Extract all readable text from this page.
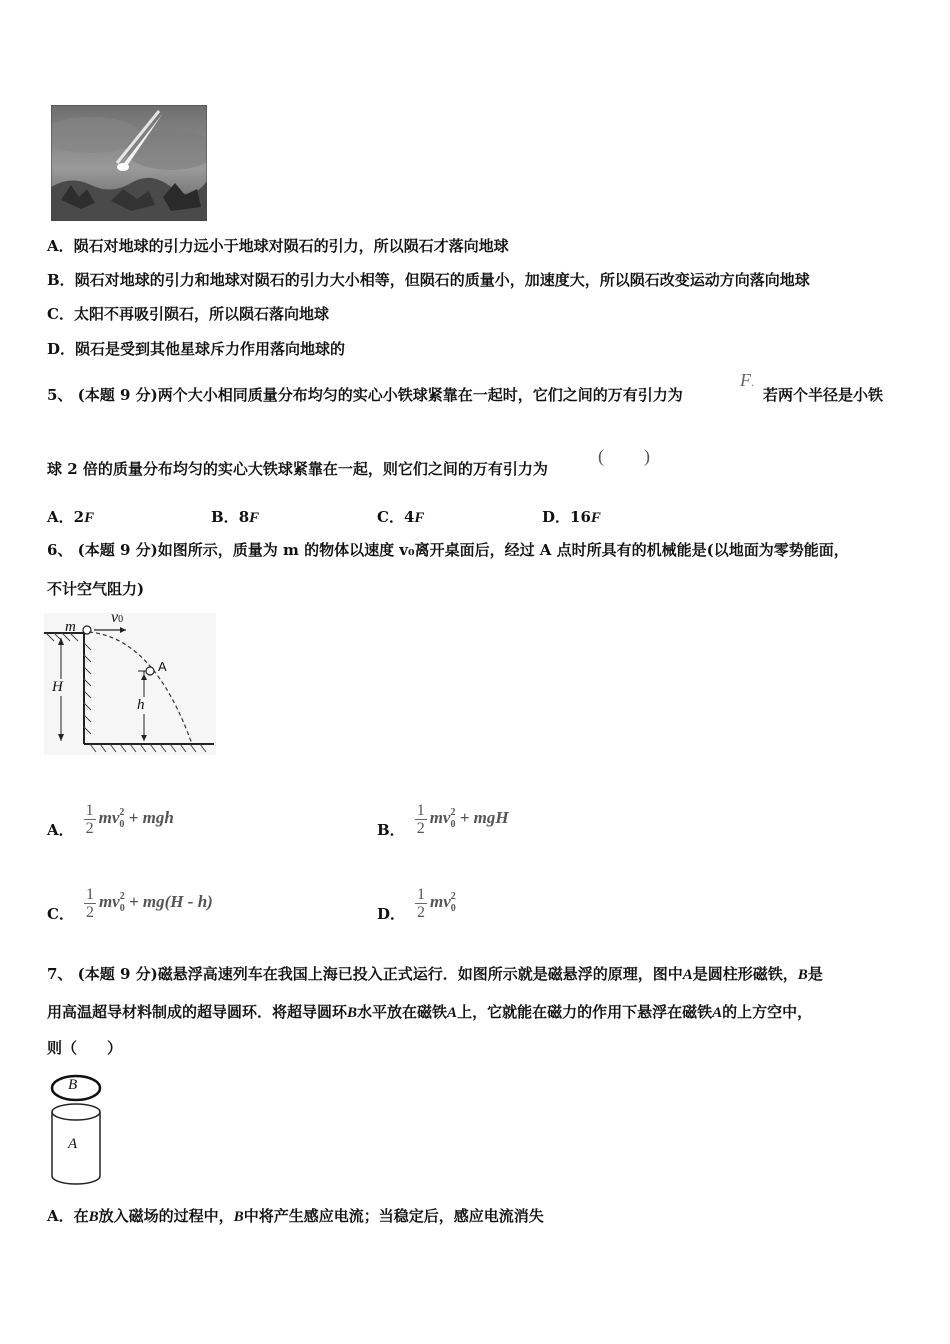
A．陨石对地球的引力远小于地球对陨石的引力，所以陨石才落向地球
B．陨石对地球的引力和地球对陨石的引力大小相等，但陨石的质量小，加速度大，所以陨石改变运动方向落向地球
C．太阳不再吸引陨石，所以陨石落向地球
D．陨石是受到其他星球斥力作用落向地球的
5、 (本题 9 分)两个大小相同质量分布均匀的实心小铁球紧靠在一起时，它们之间的万有引力为
F.
若两个半径是小铁
球 2 倍的质量分布均匀的实心大铁球紧靠在一起，则它们之间的万有引力为
( )
A．2F	B．8F	C．4F	D．16F
6、 (本题 9 分)如图所示，质量为 m 的物体以速度 v₀离开桌面后，经过 A 点时所具有的机械能是(以地面为零势能面，
不计空气阻力)
m
v0
A
H
h
A． $\frac{1}{2} mv^2_0$ + mgh
B． $\frac{1}{2} mv^2_0$ + mgH
C． $\frac{1}{2} mv^2_0 + mg(H - h)$
D． $\frac{1}{2} mv^2_0$
7、 (本题 9 分)磁悬浮高速列车在我国上海已投入正式运行．如图所示就是磁悬浮的原理，图中A是圆柱形磁铁，B是
用高温超导材料制成的超导圆环．将超导圆环B水平放在磁铁A上，它就能在磁力的作用下悬浮在磁铁A的上方空中，
则（　　）
B
A
A．在B放入磁场的过程中，B中将产生感应电流；当稳定后，感应电流消失
